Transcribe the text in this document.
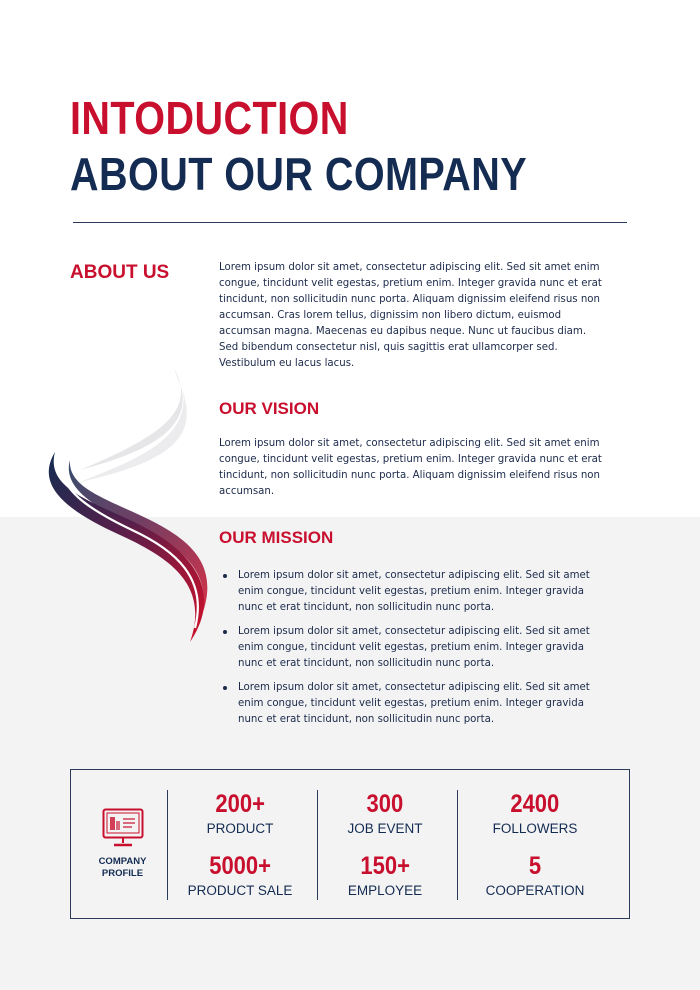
INTODUCTION
ABOUT OUR COMPANY
ABOUT US	Lorem ipsum dolor sit amet, consectetur adipiscing elit. Sed sit amet enim congue, tincidunt velit egestas, pretium enim. Integer gravida nunc et erat tincidunt, non sollicitudin nunc porta. Aliquam dignissim eleifend risus non accumsan. Cras lorem tellus, dignissim non libero dictum, euismod accumsan magna. Maecenas eu dapibus neque. Nunc ut faucibus diam. Sed bibendum consectetur nisl, quis sagittis erat ullamcorper sed. Vestibulum eu lacus lacus.

OUR VISION

Lorem ipsum dolor sit amet, consectetur adipiscing elit. Sed sit amet enim congue, tincidunt velit egestas, pretium enim. Integer gravida nunc et erat tincidunt, non sollicitudin nunc porta. Aliquam dignissim eleifend risus non accumsan.

OUR MISSION
Lorem ipsum dolor sit amet, consectetur adipiscing elit. Sed sit amet enim congue, tincidunt velit egestas, pretium enim. Integer gravida nunc et erat tincidunt, non sollicitudin nunc porta.
Lorem ipsum dolor sit amet, consectetur adipiscing elit. Sed sit amet enim congue, tincidunt velit egestas, pretium enim. Integer gravida nunc et erat tincidunt, non sollicitudin nunc porta.
Lorem ipsum dolor sit amet, consectetur adipiscing elit. Sed sit amet enim congue, tincidunt velit egestas, pretium enim. Integer gravida nunc et erat tincidunt, non sollicitudin nunc porta.
COMPANY
PROFILE
200+
PRODUCT
300
JOB EVENT
2400
FOLLOWERS
5000+
PRODUCT SALE
150+
EMPLOYEE
5
COOPERATION
